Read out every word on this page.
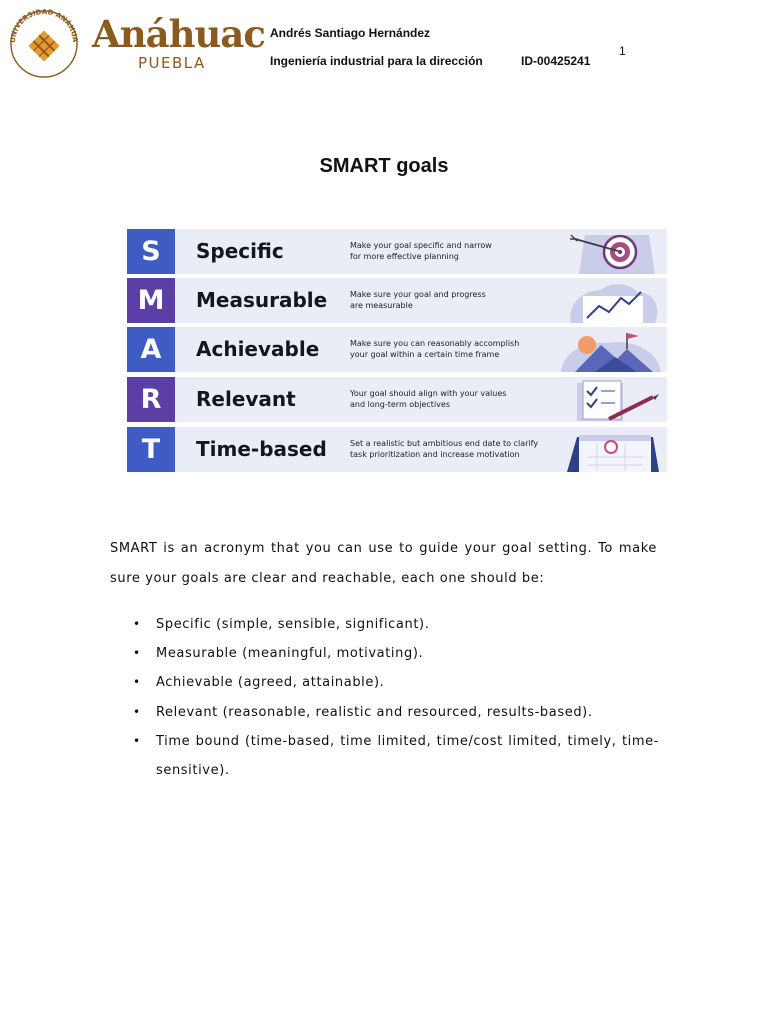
UNIVERSIDAD ANÁHUA Anáhuac
PUEBLA
Andrés Santiago Hernández
Ingeniería industrial para la dirección	ID-00425241
1
SMART goals
S	Specific	Make your goal specific and narrow
for more effective planning
M	Measurable	Make sure your goal and progress
are measurable
A	Achievable	Make sure you can reasonably accomplish
your goal within a certain time frame
R	Relevant	Your goal should align with your values
and long-term objectives
T	Time-based	Set a realistic but ambitious end date to clarify
task prioritization and increase motivation
SMART is an acronym that you can use to guide your goal setting. To make sure your goals are clear and reachable, each one should be:
• Specific (simple, sensible, significant).
• Measurable (meaningful, motivating).
• Achievable (agreed, attainable).
• Relevant (reasonable, realistic and resourced, results-based).
• Time bound (time-based, time limited, time/cost limited, timely, time-sensitive).
